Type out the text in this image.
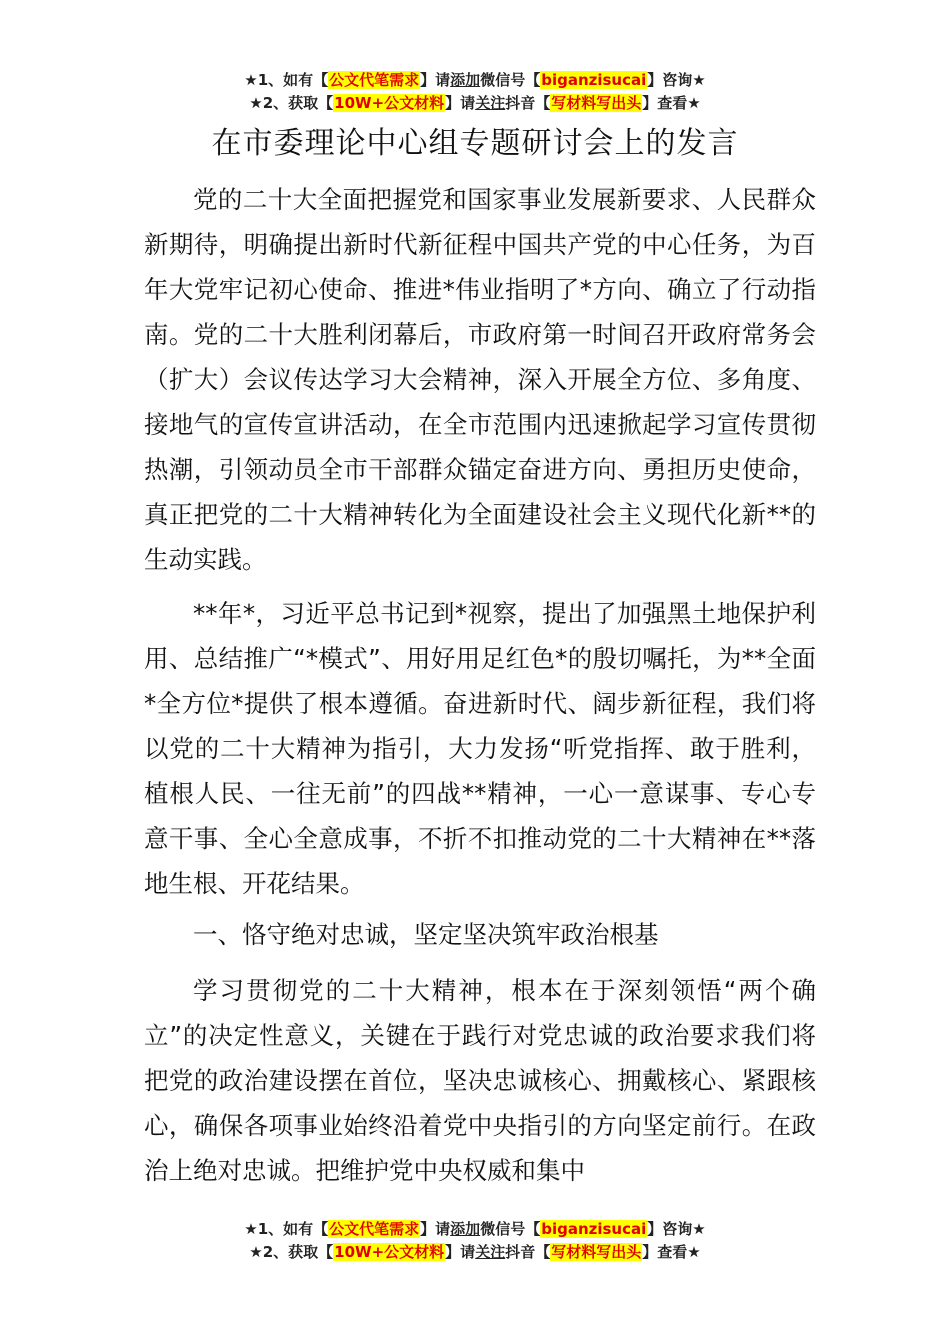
★1、如有【公文代笔需求】请添加微信号【biganzisucai】咨询★
★2、获取【10W+公文材料】请关注抖音【写材料写出头】查看★
在市委理论中心组专题研讨会上的发言

党的二十大全面把握党和国家事业发展新要求、人民群众新期待，明确提出新时代新征程中国共产党的中心任务，为百年大党牢记初心使命、推进*伟业指明了*方向、确立了行动指南。党的二十大胜利闭幕后，市政府第一时间召开政府常务会（扩大）会议传达学习大会精神，深入开展全方位、多角度、接地气的宣传宣讲活动，在全市范围内迅速掀起学习宣传贯彻热潮，引领动员全市干部群众锚定奋进方向、勇担历史使命，真正把党的二十大精神转化为全面建设社会主义现代化新**的生动实践。

**年*，习近平总书记到*视察，提出了加强黑土地保护利用、总结推广“*模式”、用好用足红色*的殷切嘱托，为**全面*全方位*提供了根本遵循。奋进新时代、阔步新征程，我们将以党的二十大精神为指引，大力发扬“听党指挥、敢于胜利，植根人民、一往无前”的四战**精神，一心一意谋事、专心专意干事、全心全意成事，不折不扣推动党的二十大精神在**落地生根、开花结果。

一、恪守绝对忠诚，坚定坚决筑牢政治根基

学习贯彻党的二十大精神，根本在于深刻领悟“两个确立”的决定性意义，关键在于践行对党忠诚的政治要求我们将把党的政治建设摆在首位，坚决忠诚核心、拥戴核心、紧跟核心，确保各项事业始终沿着党中央指引的方向坚定前行。在政治上绝对忠诚。把维护党中央权威和集中

★1、如有【公文代笔需求】请添加微信号【biganzisucai】咨询★
★2、获取【10W+公文材料】请关注抖音【写材料写出头】查看★
